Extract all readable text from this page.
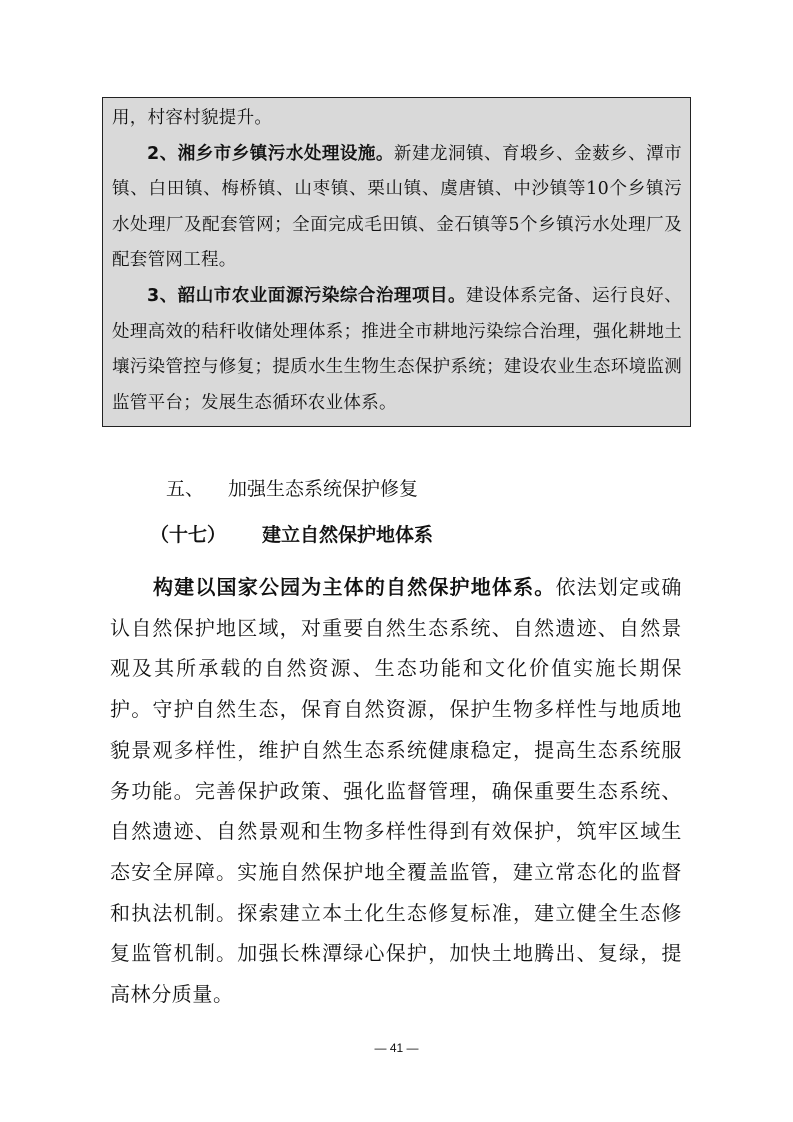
用，村容村貌提升。

2、湘乡市乡镇污水处理设施。新建龙洞镇、育塅乡、金薮乡、潭市镇、白田镇、梅桥镇、山枣镇、栗山镇、虞唐镇、中沙镇等10个乡镇污水处理厂及配套管网；全面完成毛田镇、金石镇等5个乡镇污水处理厂及配套管网工程。

3、韶山市农业面源污染综合治理项目。建设体系完备、运行良好、处理高效的秸秆收储处理体系；推进全市耕地污染综合治理，强化耕地土壤污染管控与修复；提质水生生物生态保护系统；建设农业生态环境监测监管平台；发展生态循环农业体系。

五、 加强生态系统保护修复
（十七） 建立自然保护地体系

构建以国家公园为主体的自然保护地体系。依法划定或确认自然保护地区域，对重要自然生态系统、自然遗迹、自然景观及其所承载的自然资源、生态功能和文化价值实施长期保护。守护自然生态，保育自然资源，保护生物多样性与地质地貌景观多样性，维护自然生态系统健康稳定，提高生态系统服务功能。完善保护政策、强化监督管理，确保重要生态系统、自然遗迹、自然景观和生物多样性得到有效保护，筑牢区域生态安全屏障。实施自然保护地全覆盖监管，建立常态化的监督和执法机制。探索建立本土化生态修复标准，建立健全生态修复监管机制。加强长株潭绿心保护，加快土地腾出、复绿，提高林分质量。

— 41 —
